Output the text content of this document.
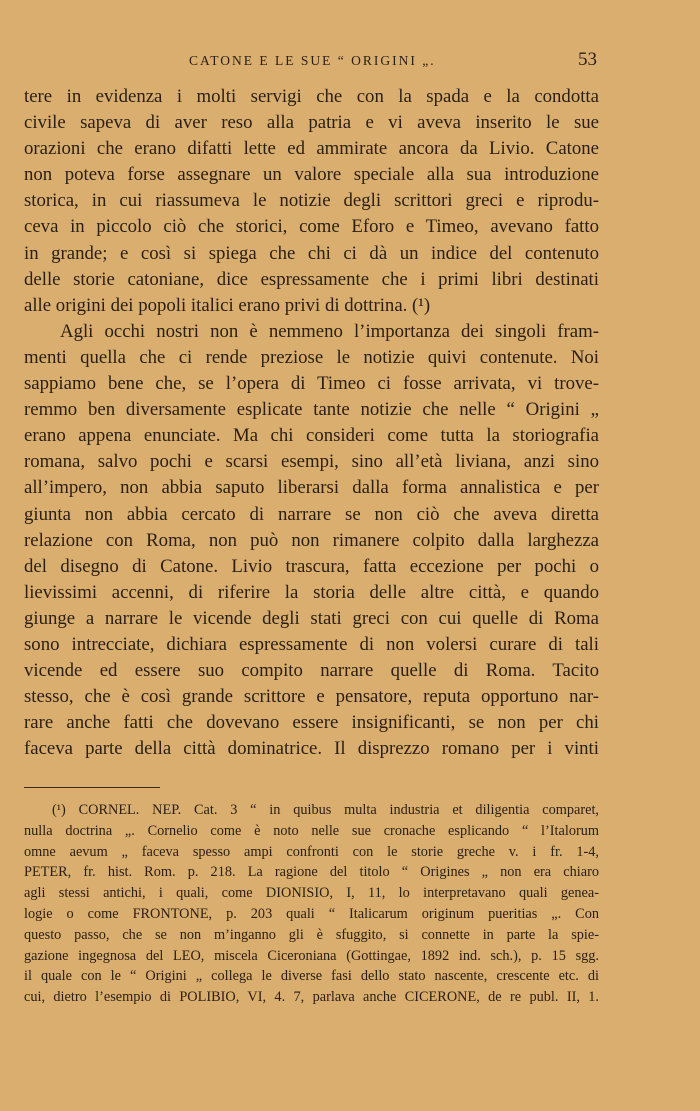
CATONE E LE SUE “ ORIGINI „.	53
tere in evidenza i molti servigi che con la spada e la condotta
civile sapeva di aver reso alla patria e vi aveva inserito le sue
orazioni che erano difatti lette ed ammirate ancora da Livio. Catone
non poteva forse assegnare un valore speciale alla sua introduzione
storica, in cui riassumeva le notizie degli scrittori greci e riprodu-
ceva in piccolo ciò che storici, come Eforo e Timeo, avevano fatto
in grande; e così si spiega che chi ci dà un indice del contenuto
delle storie catoniane, dice espressamente che i primi libri destinati
alle origini dei popoli italici erano privi di dottrina. (¹)
Agli occhi nostri non è nemmeno l’importanza dei singoli fram-
menti quella che ci rende preziose le notizie quivi contenute. Noi
sappiamo bene che, se l’opera di Timeo ci fosse arrivata, vi trove-
remmo ben diversamente esplicate tante notizie che nelle “ Origini „
erano appena enunciate. Ma chi consideri come tutta la storiografia
romana, salvo pochi e scarsi esempi, sino all’età liviana, anzi sino
all’impero, non abbia saputo liberarsi dalla forma annalistica e per
giunta non abbia cercato di narrare se non ciò che aveva diretta
relazione con Roma, non può non rimanere colpito dalla larghezza
del disegno di Catone. Livio trascura, fatta eccezione per pochi o
lievissimi accenni, di riferire la storia delle altre città, e quando
giunge a narrare le vicende degli stati greci con cui quelle di Roma
sono intrecciate, dichiara espressamente di non volersi curare di tali
vicende ed essere suo compito narrare quelle di Roma. Tacito
stesso, che è così grande scrittore e pensatore, reputa opportuno nar-
rare anche fatti che dovevano essere insignificanti, se non per chi
faceva parte della città dominatrice. Il disprezzo romano per i vinti
(¹) CORNEL. NEP. Cat. 3 “ in quibus multa industria et diligentia comparet,
nulla doctrina „. Cornelio come è noto nelle sue cronache esplicando “ l’Italorum
omne aevum „ faceva spesso ampi confronti con le storie greche v. i fr. 1-4,
PETER, fr. hist. Rom. p. 218. La ragione del titolo “ Origines „ non era chiaro
agli stessi antichi, i quali, come DIONISIO, I, 11, lo interpretavano quali genea-
logie o come FRONTONE, p. 203 quali “ Italicarum originum pueritias „. Con
questo passo, che se non m’inganno gli è sfuggito, si connette in parte la spie-
gazione ingegnosa del LEO, miscela Ciceroniana (Gottingae, 1892 ind. sch.), p. 15 sgg.
il quale con le “ Origini „ collega le diverse fasi dello stato nascente, crescente etc. di
cui, dietro l’esempio di POLIBIO, VI, 4. 7, parlava anche CICERONE, de re publ. II, 1.
